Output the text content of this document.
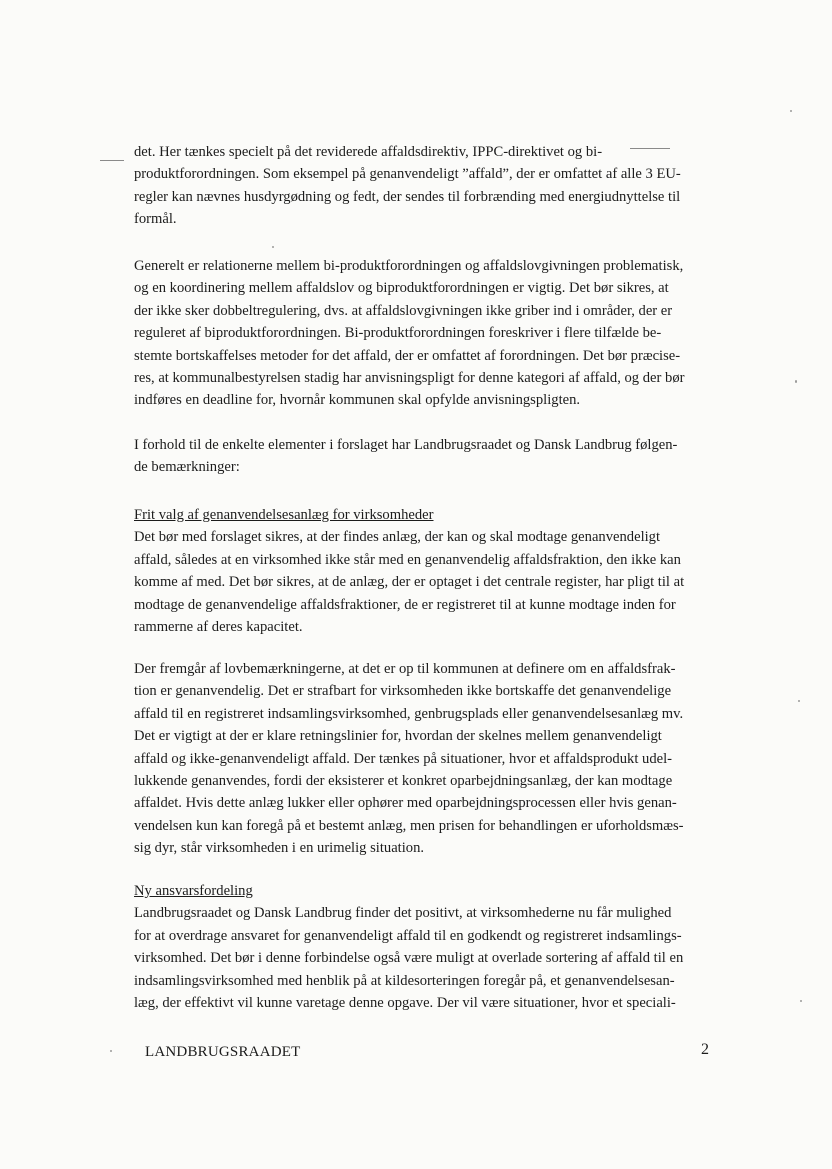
det. Her tænkes specielt på det reviderede affaldsdirektiv, IPPC-direktivet og bi-
produktforordningen. Som eksempel på genanvendeligt ”affald”, der er omfattet af alle 3 EU-
regler kan nævnes husdyrgødning og fedt, der sendes til forbrænding med energiudnyttelse til
formål.
Generelt er relationerne mellem bi-produktforordningen og affaldslovgivningen problematisk,
og en koordinering mellem affaldslov og biproduktforordningen er vigtig. Det bør sikres, at
der ikke sker dobbeltregulering, dvs. at affaldslovgivningen ikke griber ind i områder, der er
reguleret af biproduktforordningen. Bi-produktforordningen foreskriver i flere tilfælde be-
stemte bortskaffelses metoder for det affald, der er omfattet af forordningen. Det bør præcise-
res, at kommunalbestyrelsen stadig har anvisningspligt for denne kategori af affald, og der bør
indføres en deadline for, hvornår kommunen skal opfylde anvisningspligten.
I forhold til de enkelte elementer i forslaget har Landbrugsraadet og Dansk Landbrug følgen-
de bemærkninger:
Frit valg af genanvendelsesanlæg for virksomheder
Det bør med forslaget sikres, at der findes anlæg, der kan og skal modtage genanvendeligt
affald, således at en virksomhed ikke står med en genanvendelig affaldsfraktion, den ikke kan
komme af med. Det bør sikres, at de anlæg, der er optaget i det centrale register, har pligt til at
modtage de genanvendelige affaldsfraktioner, de er registreret til at kunne modtage inden for
rammerne af deres kapacitet.
Der fremgår af lovbemærkningerne, at det er op til kommunen at definere om en affaldsfrak-
tion er genanvendelig. Det er strafbart for virksomheden ikke bortskaffe det genanvendelige
affald til en registreret indsamlingsvirksomhed, genbrugsplads eller genanvendelsesanlæg mv.
Det er vigtigt at der er klare retningslinier for, hvordan der skelnes mellem genanvendeligt
affald og ikke-genanvendeligt affald. Der tænkes på situationer, hvor et affaldsprodukt udel-
lukkende genanvendes, fordi der eksisterer et konkret oparbejdningsanlæg, der kan modtage
affaldet. Hvis dette anlæg lukker eller ophører med oparbejdningsprocessen eller hvis genan-
vendelsen kun kan foregå på et bestemt anlæg, men prisen for behandlingen er uforholdsmæs-
sig dyr, står virksomheden i en urimelig situation.
Ny ansvarsfordeling
Landbrugsraadet og Dansk Landbrug finder det positivt, at virksomhederne nu får mulighed
for at overdrage ansvaret for genanvendeligt affald til en godkendt og registreret indsamlings-
virksomhed. Det bør i denne forbindelse også være muligt at overlade sortering af affald til en
indsamlingsvirksomhed med henblik på at kildesorteringen foregår på, et genanvendelsesan-
læg, der effektivt vil kunne varetage denne opgave. Der vil være situationer, hvor et speciali-
LANDBRUGSRAADET	2
